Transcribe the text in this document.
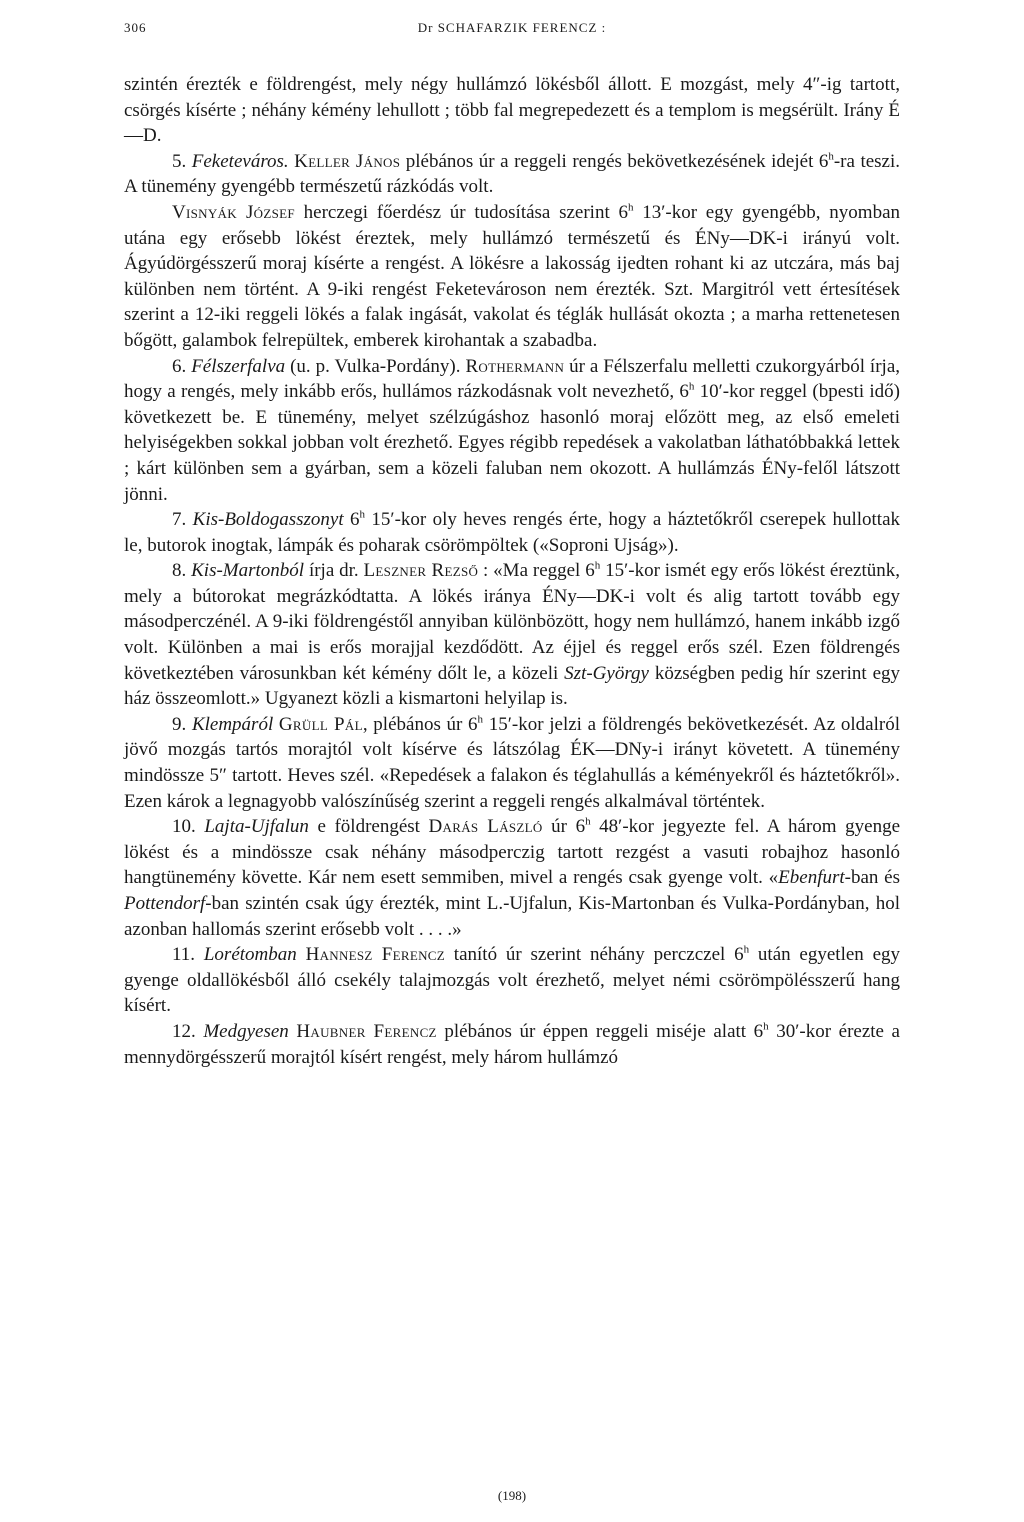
306	Dr SCHAFARZIK FERENCZ :

szintén érezték e földrengést, mely négy hullámzó lökésből állott. E mozgást, mely 4″-ig tartott, csörgés kísérte ; néhány kémény lehullott ; több fal megrepedezett és a templom is megsérült. Irány É—D.

5. Feketeváros. Keller János plébános úr a reggeli rengés bekövetkezésének idejét 6$^h$-ra teszi. A tünemény gyengébb természetű rázkódás volt.

Visnyák József herczegi főerdész úr tudosítása szerint 6$^h$ 13′-kor egy gyengébb, nyomban utána egy erősebb lökést éreztek, mely hullámzó természetű és ÉNy—DK-i irányú volt. Ágyúdörgésszerű moraj kísérte a rengést. A lökésre a lakosság ijedten rohant ki az utczára, más baj különben nem történt. A 9-iki rengést Feketevároson nem érezték. Szt. Margitról vett értesítések szerint a 12-iki reggeli lökés a falak ingását, vakolat és téglák hullását okozta ; a marha rettenetesen bőgött, galambok felrepültek, emberek kirohantak a szabadba.

6. Félszerfalva (u. p. Vulka-Pordány). Rothermann úr a Félszerfalu melletti czukorgyárból írja, hogy a rengés, mely inkább erős, hullámos rázkodásnak volt nevezhető, 6$^h$ 10′-kor reggel (bpesti idő) következett be. E tünemény, melyet szélzúgáshoz hasonló moraj előzött meg, az első emeleti helyiségekben sokkal jobban volt érezhető. Egyes régibb repedések a vakolatban láthatóbbakká lettek ; kárt különben sem a gyárban, sem a közeli faluban nem okozott. A hullámzás ÉNy-felől látszott jönni.

7. Kis-Boldogasszonyt 6$^h$ 15′-kor oly heves rengés érte, hogy a háztetőkről cserepek hullottak le, butorok inogtak, lámpák és poharak csörömpöltek («Soproni Ujság»).

8. Kis-Martonból írja dr. Leszner Rezső : «Ma reggel 6$^h$ 15′-kor ismét egy erős lökést éreztünk, mely a bútorokat megrázkódtatta. A lökés iránya ÉNy—DK-i volt és alig tartott tovább egy másodperczénél. A 9-iki földrengéstől annyiban különbözött, hogy nem hullámzó, hanem inkább izgő volt. Különben a mai is erős morajjal kezdődött. Az éjjel és reggel erős szél. Ezen földrengés következtében városunkban két kémény dőlt le, a közeli Szt-György községben pedig hír szerint egy ház összeomlott.» Ugyanezt közli a kismartoni helyilap is.

9. Klempáról Grüll Pál, plébános úr 6$^h$ 15′-kor jelzi a földrengés bekövetkezését. Az oldalról jövő mozgás tartós morajtól volt kísérve és látszólag ÉK—DNy-i irányt követett. A tünemény mindössze 5″ tartott. Heves szél. «Repedések a falakon és téglahullás a kéményekről és háztetőkről». Ezen károk a legnagyobb valószínűség szerint a reggeli rengés alkalmával történtek.

10. Lajta-Ujfalun e földrengést Darás László úr 6$^h$ 48′-kor jegyezte fel. A három gyenge lökést és a mindössze csak néhány másodperczig tartott rezgést a vasuti robajhoz hasonló hangtünemény követte. Kár nem esett semmiben, mivel a rengés csak gyenge volt. «Ebenfurt-ban és Pottendorf-ban szintén csak úgy érezték, mint L.-Ujfalun, Kis-Martonban és Vulka-Pordányban, hol azonban hallomás szerint erősebb volt . . . .»

11. Lorétomban Hannesz Ferencz tanító úr szerint néhány perczczel 6$^h$ után egyetlen egy gyenge oldallökésből álló csekély talajmozgás volt érezhető, melyet némi csörömpölésszerű hang kísért.

12. Medgyesen Haubner Ferencz plébános úr éppen reggeli miséje alatt 6$^h$ 30′-kor érezte a mennydörgésszerű morajtól kísért rengést, mely három hullámzó

(198)
